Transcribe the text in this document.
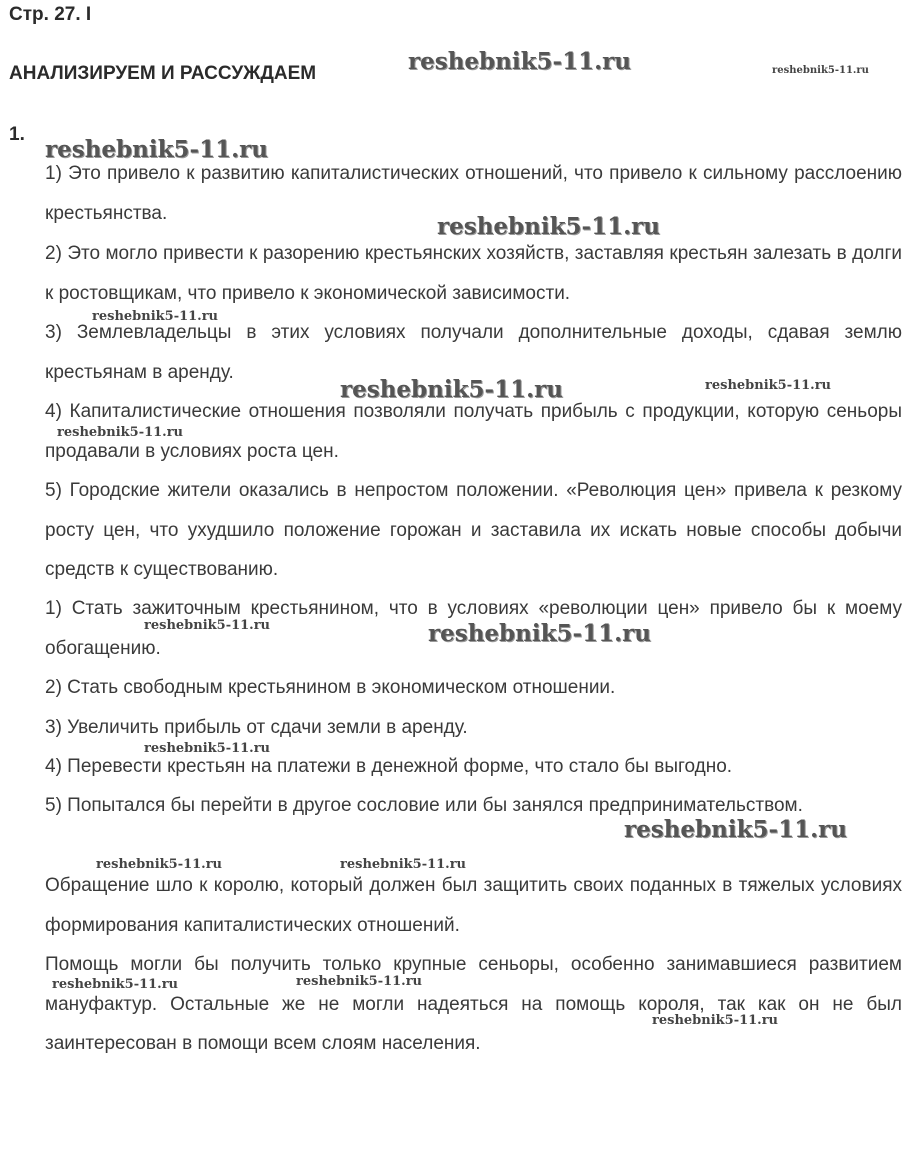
Стр. 27. I
АНАЛИЗИРУЕМ И РАССУЖДАЕМ
1.

1) Это привело к развитию капиталистических отношений, что привело к сильному расслоению крестьянства.

2) Это могло привести к разорению крестьянских хозяйств, заставляя крестьян залезать в долги к ростовщикам, что привело к экономической зависимости.

3) Землевладельцы в этих условиях получали дополнительные доходы, сдавая землю крестьянам в аренду.

4) Капиталистические отношения позволяли получать прибыль с продукции, которую сеньоры продавали в условиях роста цен.

5) Городские жители оказались в непростом положении. «Революция цен» привела к резкому росту цен, что ухудшило положение горожан и заставила их искать новые способы добычи средств к существованию.

1) Стать зажиточным крестьянином, что в условиях «революции цен» привело бы к моему обогащению.

2) Стать свободным крестьянином в экономическом отношении.

3) Увеличить прибыль от сдачи земли в аренду.

4) Перевести крестьян на платежи в денежной форме, что стало бы выгодно.

5) Попытался бы перейти в другое сословие или бы занялся предпринимательством.

Обращение шло к королю, который должен был защитить своих поданных в тяжелых условиях формирования капиталистических отношений.

Помощь могли бы получить только крупные сеньоры, особенно занимавшиеся развитием мануфактур. Остальные же не могли надеяться на помощь короля, так как он не был заинтересован в помощи всем слоям населения.

reshebnik5-11.ru	reshebnik5-11.ru
reshebnik5-11.ru
reshebnik5-11.ru
reshebnik5-11.ru
reshebnik5-11.ru	reshebnik5-11.ru
reshebnik5-11.ru
reshebnik5-11.ru	reshebnik5-11.ru
reshebnik5-11.ru
reshebnik5-11.ru
reshebnik5-11.ru	reshebnik5-11.ru
reshebnik5-11.ru
reshebnik5-11.ru
reshebnik5-11.ru
